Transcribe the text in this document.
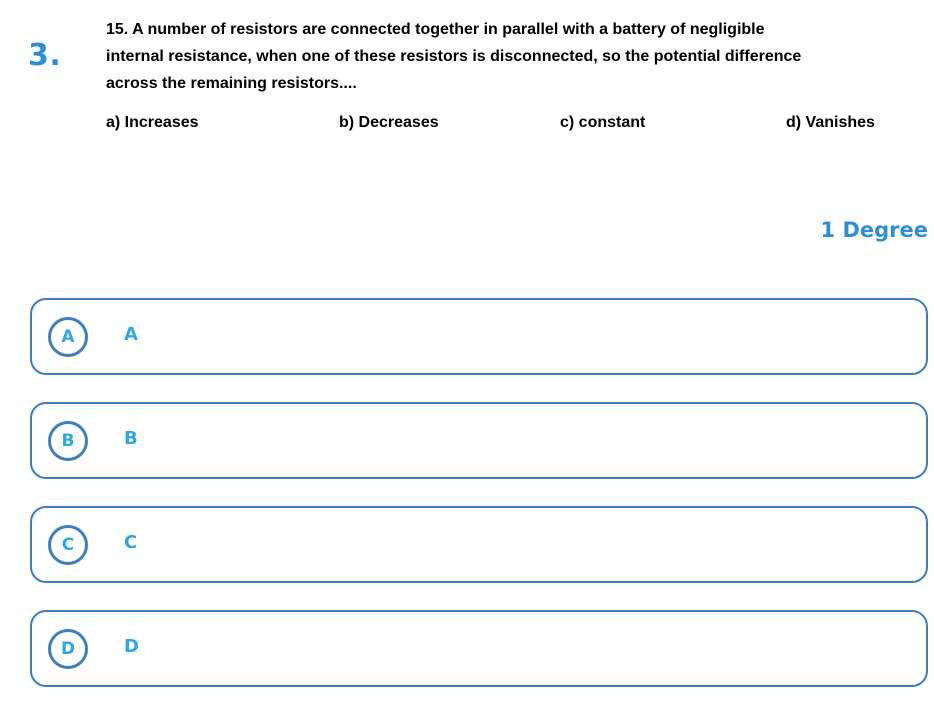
3.
15. A number of resistors are connected together in parallel with a battery of negligible
internal resistance, when one of these resistors is disconnected, so the potential difference
across the remaining resistors....
a) Increases	b) Decreases	c) constant	d) Vanishes
1 Degree
A	A
B	B
C	C
D	D
